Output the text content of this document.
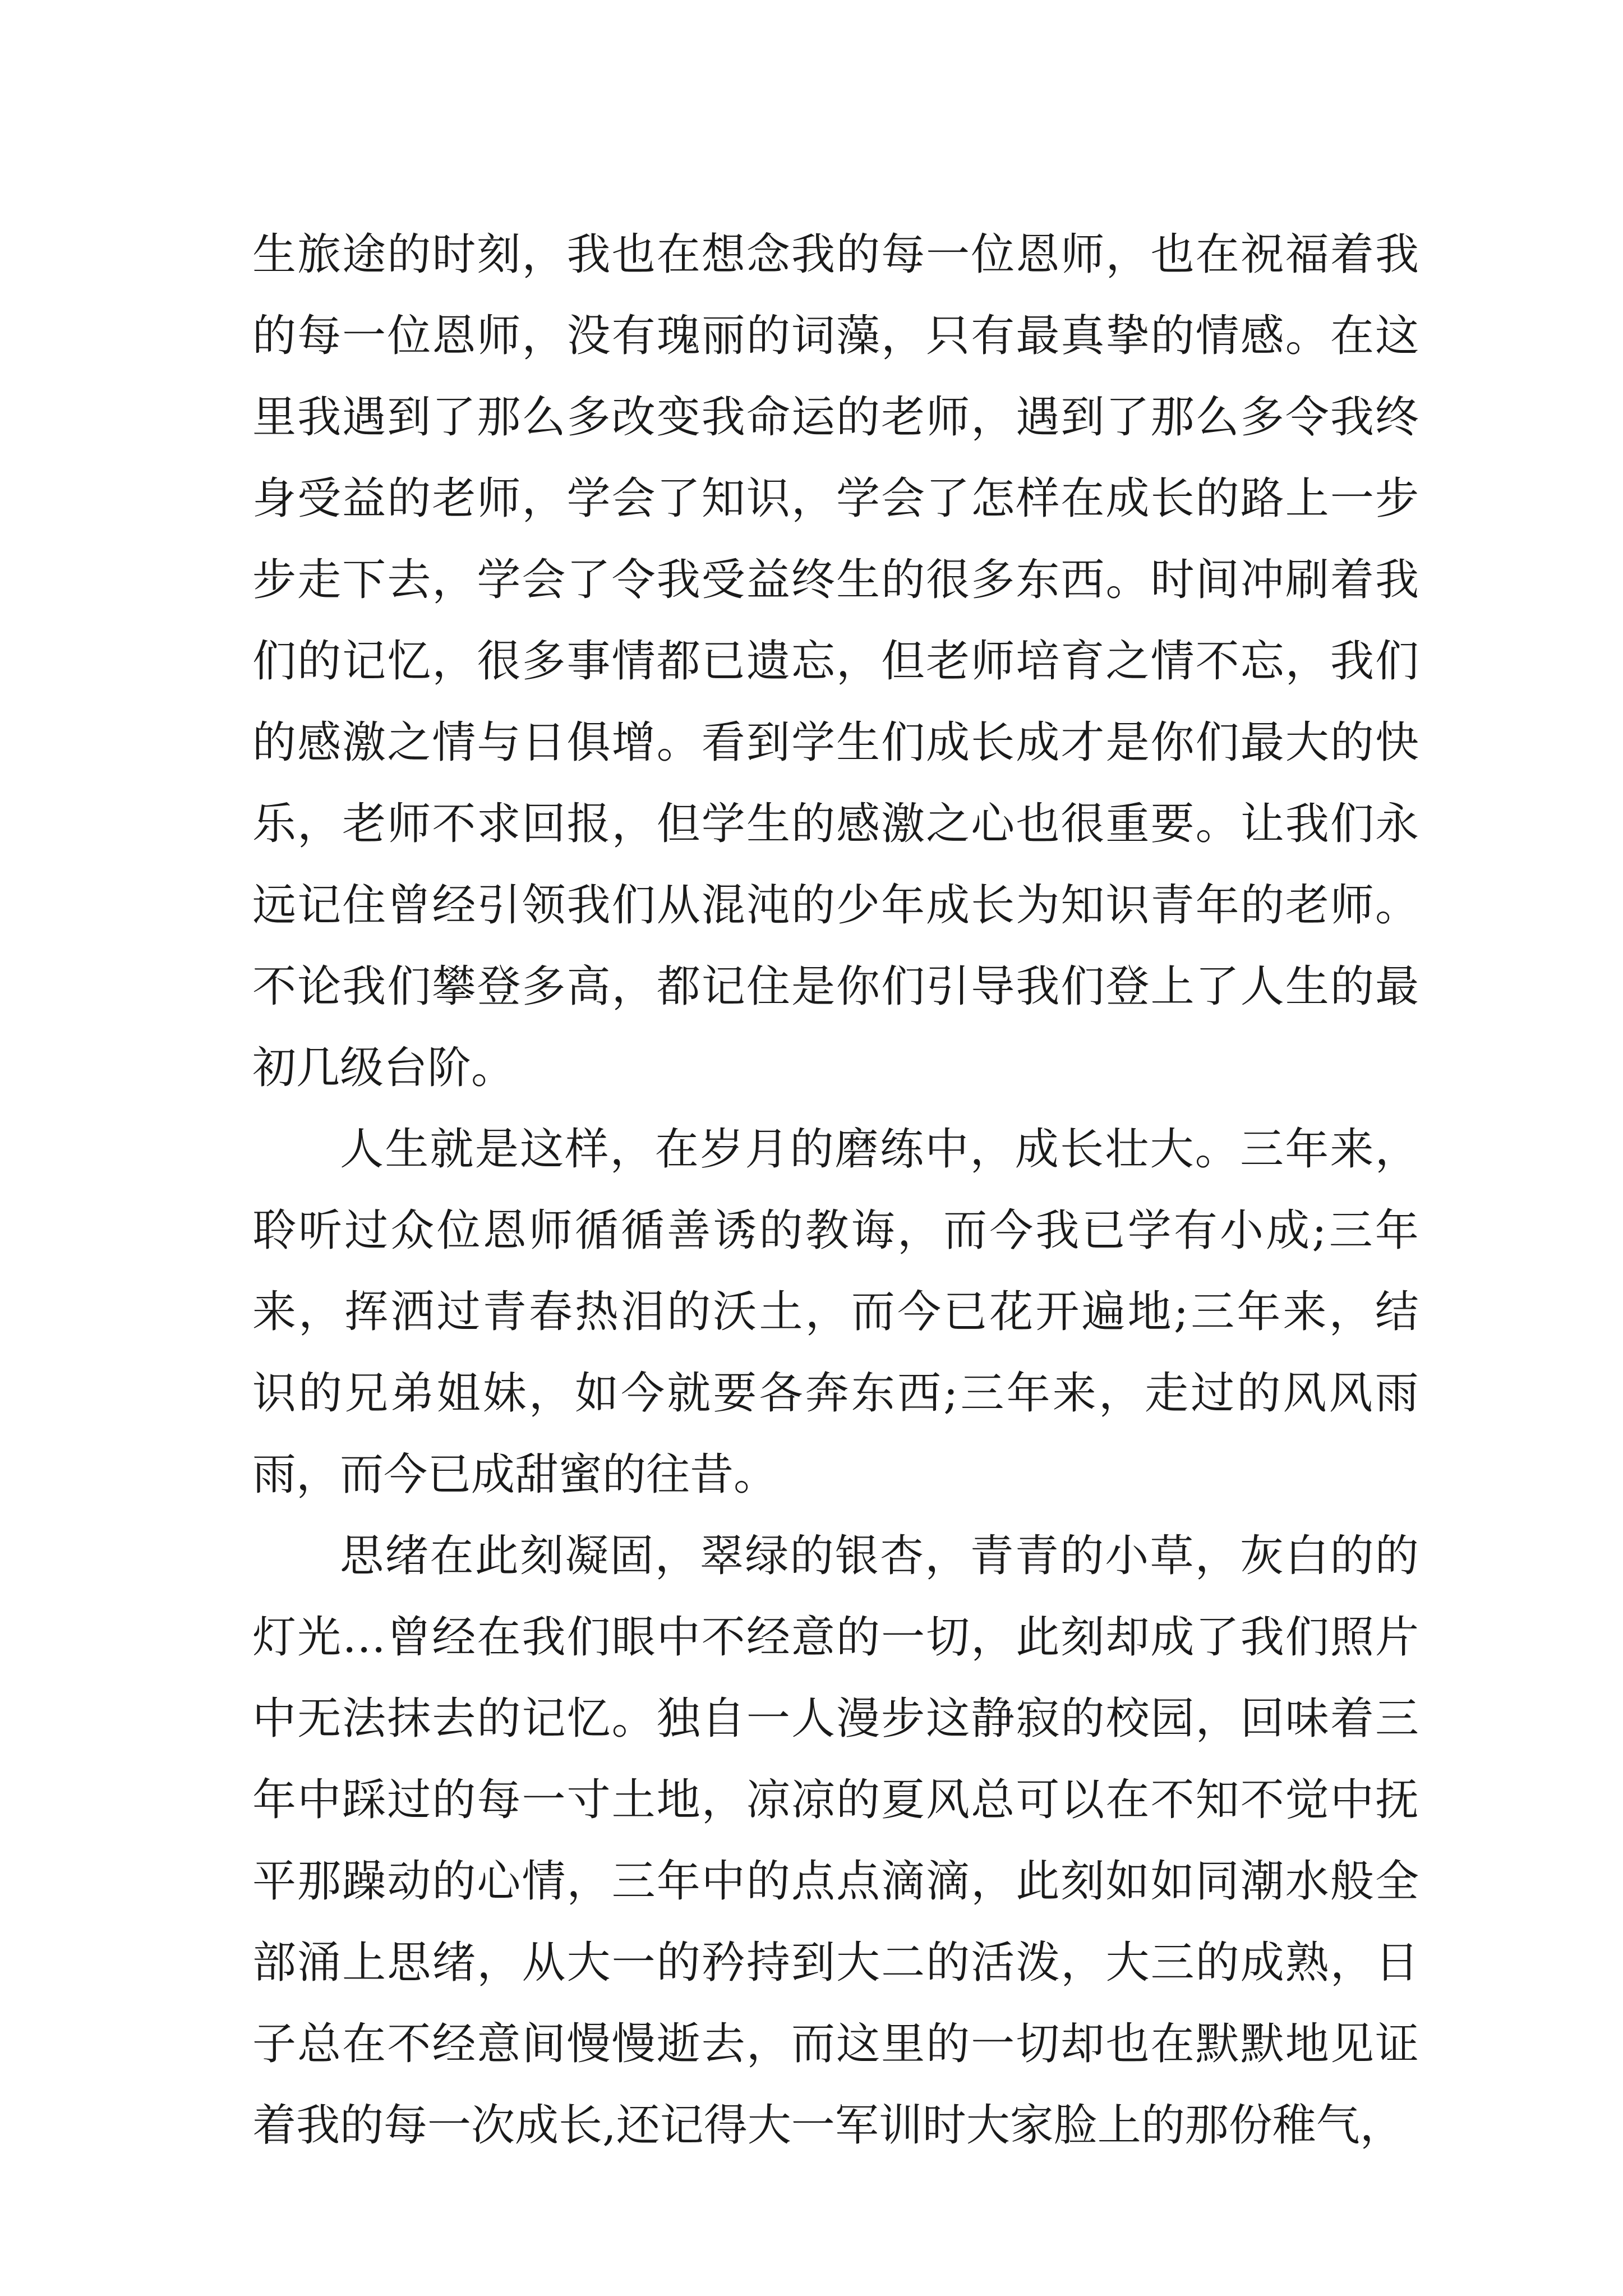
生 旅 途 的 时 刻 ， 我 也 在 想 念 我 的 每 一 位 恩 师 ， 也 在 祝 福 着 我
的 每 一 位 恩 师 ， 没 有 瑰 丽 的 词 藻 ， 只 有 最 真 挚 的 情 感 。 在 这
里 我 遇 到 了 那 么 多 改 变 我 命 运 的 老 师 ， 遇 到 了 那 么 多 令 我 终
身 受 益 的 老 师 ， 学 会 了 知 识 ， 学 会 了 怎 样 在 成 长 的 路 上 一 步
步 走 下 去 ， 学 会 了 令 我 受 益 终 生 的 很 多 东 西 。 时 间 冲 刷 着 我
们 的 记 忆 ， 很 多 事 情 都 已 遗 忘 ， 但 老 师 培 育 之 情 不 忘 ， 我 们
的 感 激 之 情 与 日 俱 增 。 看 到 学 生 们 成 长 成 才 是 你 们 最 大 的 快
乐 ， 老 师 不 求 回 报 ， 但 学 生 的 感 激 之 心 也 很 重 要 。 让 我 们 永
远 记 住 曾 经 引 领 我 们 从 混 沌 的 少 年 成 长 为 知 识 青 年 的 老 师 。
不 论 我 们 攀 登 多 高 ， 都 记 住 是 你 们 引 导 我 们 登 上 了 人 生 的 最
初几级台阶。
人 生 就 是 这 样 ， 在 岁 月 的 磨 练 中 ， 成 长 壮 大 。 三 年 来 ，
聆 听 过 众 位 恩 师 循 循 善 诱 的 教 诲 ， 而 今 我 已 学 有 小 成 ; 三 年
来 ， 挥 洒 过 青 春 热 泪 的 沃 土 ， 而 今 已 花 开 遍 地 ; 三 年 来 ， 结
识 的 兄 弟 姐 妹 ， 如 今 就 要 各 奔 东 西 ; 三 年 来 ， 走 过 的 风 风 雨
雨，而今已成甜蜜的往昔。
思 绪 在 此 刻 凝 固 ， 翠 绿 的 银 杏 ， 青 青 的 小 草 ， 灰 白 的 的
灯 光 … 曾 经 在 我 们 眼 中 不 经 意 的 一 切 ， 此 刻 却 成 了 我 们 照 片
中 无 法 抹 去 的 记 忆 。 独 自 一 人 漫 步 这 静 寂 的 校 园 ， 回 味 着 三
年 中 踩 过 的 每 一 寸 土 地 ， 凉 凉 的 夏 风 总 可 以 在 不 知 不 觉 中 抚
平 那 躁 动 的 心 情 ， 三 年 中 的 点 点 滴 滴 ， 此 刻 如 如 同 潮 水 般 全
部 涌 上 思 绪 ， 从 大 一 的 矜 持 到 大 二 的 活 泼 ， 大 三 的 成 熟 ， 日
子 总 在 不 经 意 间 慢 慢 逝 去 ， 而 这 里 的 一 切 却 也 在 默 默 地 见 证
着我的每一次成长,还记得大一军训时大家脸上的那份稚气，
